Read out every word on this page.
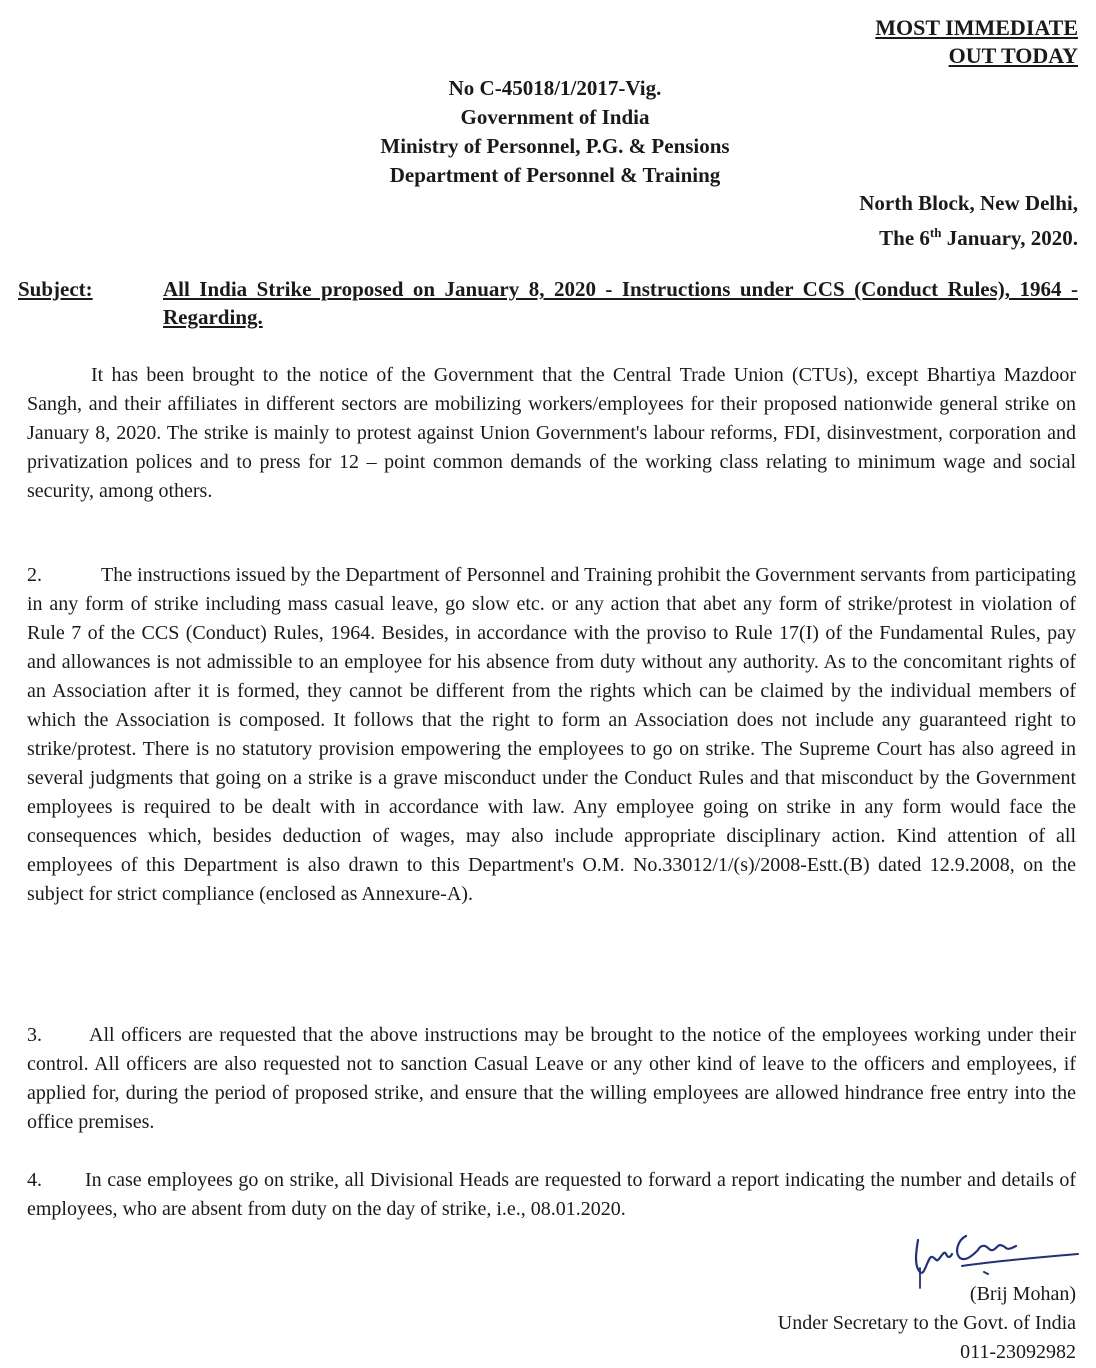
MOST IMMEDIATE
OUT TODAY
No C-45018/1/2017-Vig.
Government of India
Ministry of Personnel, P.G. & Pensions
Department of Personnel & Training
North Block, New Delhi,
The 6th January, 2020.
Subject:	All India Strike proposed on January 8, 2020 - Instructions under CCS (Conduct Rules), 1964 - Regarding.
It has been brought to the notice of the Government that the Central Trade Union (CTUs), except Bhartiya Mazdoor Sangh, and their affiliates in different sectors are mobilizing workers/employees for their proposed nationwide general strike on January 8, 2020. The strike is mainly to protest against Union Government's labour reforms, FDI, disinvestment, corporation and privatization polices and to press for 12 – point common demands of the working class relating to minimum wage and social security, among others.
2.	The instructions issued by the Department of Personnel and Training prohibit the Government servants from participating in any form of strike including mass casual leave, go slow etc. or any action that abet any form of strike/protest in violation of Rule 7 of the CCS (Conduct) Rules, 1964. Besides, in accordance with the proviso to Rule 17(I) of the Fundamental Rules, pay and allowances is not admissible to an employee for his absence from duty without any authority. As to the concomitant rights of an Association after it is formed, they cannot be different from the rights which can be claimed by the individual members of which the Association is composed. It follows that the right to form an Association does not include any guaranteed right to strike/protest. There is no statutory provision empowering the employees to go on strike. The Supreme Court has also agreed in several judgments that going on a strike is a grave misconduct under the Conduct Rules and that misconduct by the Government employees is required to be dealt with in accordance with law. Any employee going on strike in any form would face the consequences which, besides deduction of wages, may also include appropriate disciplinary action. Kind attention of all employees of this Department is also drawn to this Department's O.M. No.33012/1/(s)/2008-Estt.(B) dated 12.9.2008, on the subject for strict compliance (enclosed as Annexure-A).
3. All officers are requested that the above instructions may be brought to the notice of the employees working under their control. All officers are also requested not to sanction Casual Leave or any other kind of leave to the officers and employees, if applied for, during the period of proposed strike, and ensure that the willing employees are allowed hindrance free entry into the office premises.
4. In case employees go on strike, all Divisional Heads are requested to forward a report indicating the number and details of employees, who are absent from duty on the day of strike, i.e., 08.01.2020.
(Brij Mohan)
Under Secretary to the Govt. of India
011-23092982
